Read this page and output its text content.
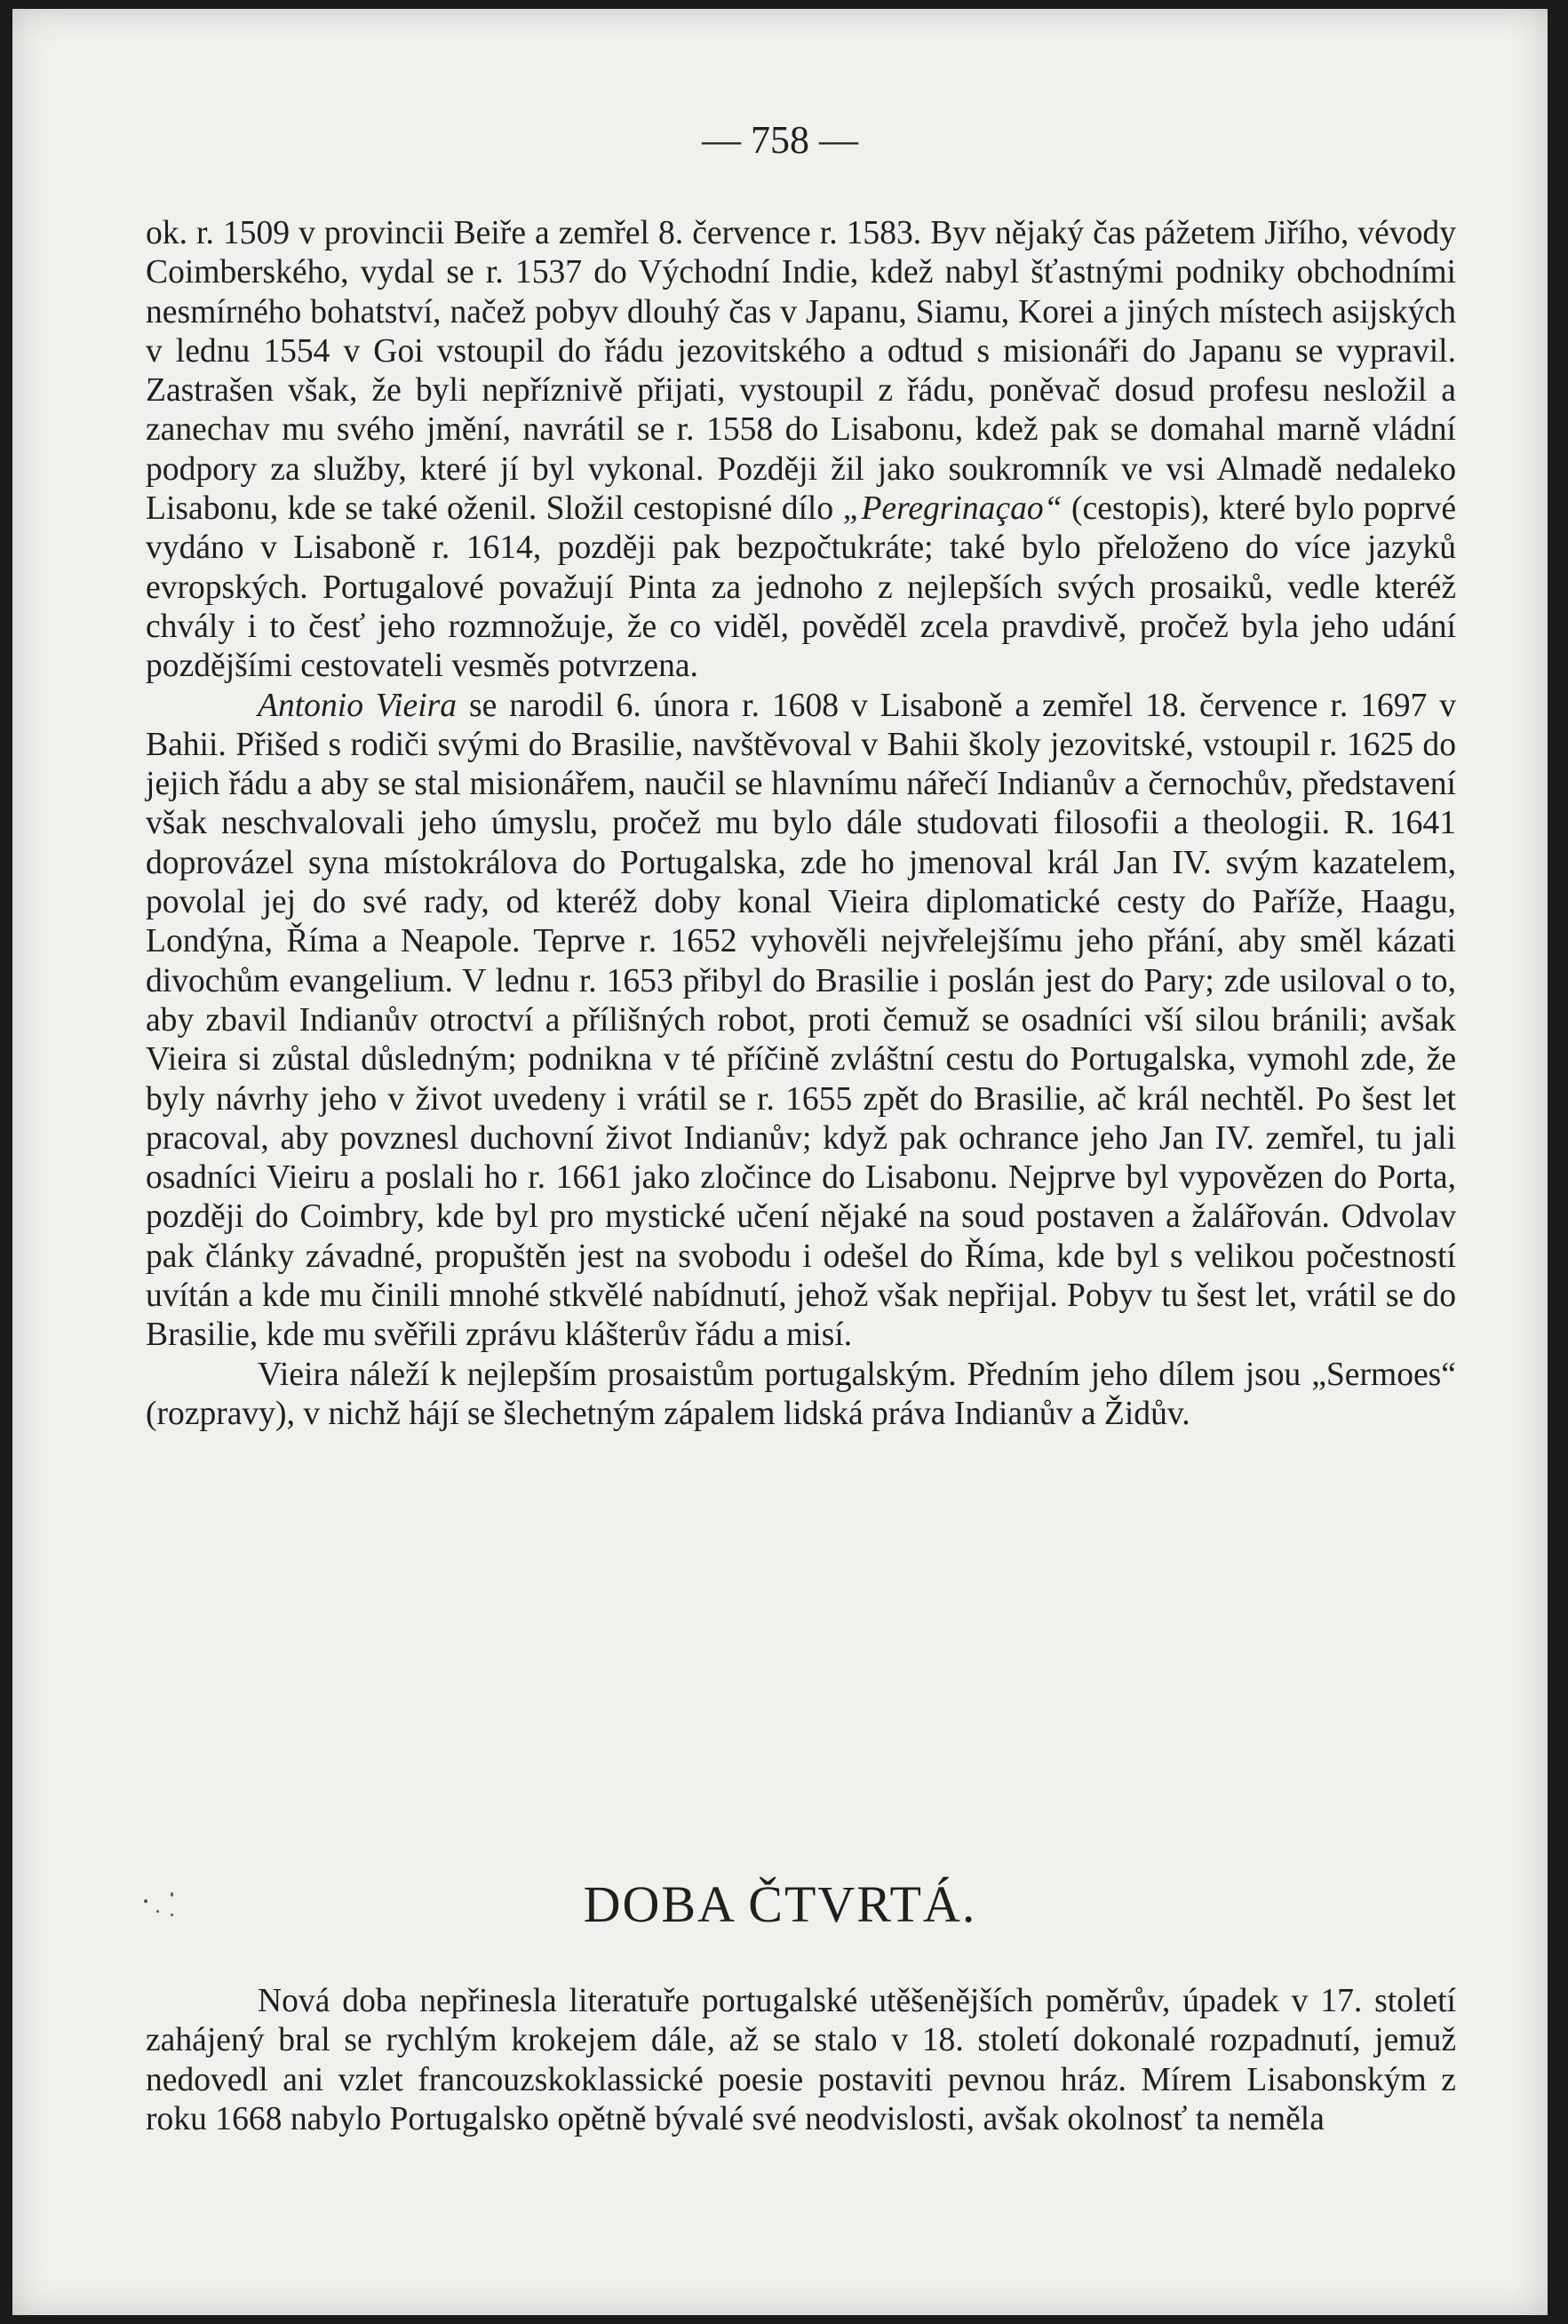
— 758 —

ok. r. 1509 v provincii Beiře a zemřel 8. července r. 1583. Byv nějaký čas pážetem Jiřího, vévody Coimberského, vydal se r. 1537 do Východní Indie, kdež nabyl šťastnými podniky obchodními nesmírného bohatství, načež pobyv dlouhý čas v Japanu, Siamu, Korei a jiných místech asijských v lednu 1554 v Goi vstoupil do řádu jezovitského a odtud s misionáři do Japanu se vypravil. Zastrašen však, že byli nepříznivě přijati, vystoupil z řádu, poněvač dosud profesu nesložil a zanechav mu svého jmění, navrátil se r. 1558 do Lisabonu, kdež pak se domahal marně vládní podpory za služby, které jí byl vykonal. Později žil jako soukromník ve vsi Almadě nedaleko Lisabonu, kde se také oženil. Složil cestopisné dílo „Peregrinaçao“ (cestopis), které bylo poprvé vydáno v Lisaboně r. 1614, později pak bezpočtukráte; také bylo přeloženo do více jazyků evropských. Portugalové považují Pinta za jednoho z nejlepších svých prosaiků, vedle kteréž chvály i to česť jeho rozmnožuje, že co viděl, pověděl zcela pravdivě, pročež byla jeho udání pozdějšími cestovateli vesměs potvrzena.

Antonio Vieira se narodil 6. února r. 1608 v Lisaboně a zemřel 18. července r. 1697 v Bahii. Přišed s rodiči svými do Brasilie, navštěvoval v Bahii školy jezovitské, vstoupil r. 1625 do jejich řádu a aby se stal misionářem, naučil se hlavnímu nářečí Indianův a černochův, představení však neschvalovali jeho úmyslu, pročež mu bylo dále studovati filosofii a theologii. R. 1641 doprovázel syna místokrálova do Portugalska, zde ho jmenoval král Jan IV. svým kazatelem, povolal jej do své rady, od kteréž doby konal Vieira diplomatické cesty do Paříže, Haagu, Londýna, Říma a Neapole. Teprve r. 1652 vyhověli nejvřelejšímu jeho přání, aby směl kázati divochům evangelium. V lednu r. 1653 přibyl do Brasilie i poslán jest do Pary; zde usiloval o to, aby zbavil Indianův otroctví a přílišných robot, proti čemuž se osadníci vší silou bránili; avšak Vieira si zůstal důsledným; podnikna v té příčině zvláštní cestu do Portugalska, vymohl zde, že byly návrhy jeho v život uvedeny i vrátil se r. 1655 zpět do Brasilie, ač král nechtěl. Po šest let pracoval, aby povznesl duchovní život Indianův; když pak ochrance jeho Jan IV. zemřel, tu jali osadníci Vieiru a poslali ho r. 1661 jako zločince do Lisabonu. Nejprve byl vypovězen do Porta, později do Coimbry, kde byl pro mystické učení nějaké na soud postaven a žalářován. Odvolav pak články závadné, propuštěn jest na svobodu i odešel do Říma, kde byl s velikou počestností uvítán a kde mu činili mnohé stkvělé nabídnutí, jehož však nepřijal. Pobyv tu šest let, vrátil se do Brasilie, kde mu svěřili zprávu klášterův řádu a misí.

Vieira náleží k nejlepším prosaistům portugalským. Předním jeho dílem jsou „Sermoes“ (rozpravy), v nichž hájí se šlechetným zápalem lidská práva Indianův a Židův.

DOBA ČTVRTÁ.

Nová doba nepřinesla literatuře portugalské utěšenějších poměrův, úpadek v 17. století zahájený bral se rychlým krokejem dále, až se stalo v 18. století dokonalé rozpadnutí, jemuž nedovedl ani vzlet francouzskoklassické poesie postaviti pevnou hráz. Mírem Lisabonským z roku 1668 nabylo Portugalsko opětně bývalé své neodvislosti, avšak okolnosť ta neměla
